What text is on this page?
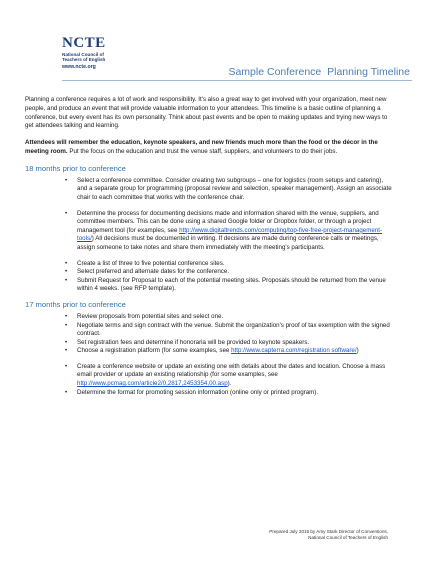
NCTE
National Council of
Teachers of English
www.ncte.org	Sample Conference  Planning Timeline

Planning a conference requires a lot of work and responsibility. It's also a great way to get involved with your organization, meet new people, and produce an event that will provide valuable information to your attendees. This timeline is a basic outline of planning a conference, but every event has its own personality. Think about past events and be open to making updates and trying new ways to get attendees talking and learning.

Attendees will remember the education, keynote speakers, and new friends much more than the food or the décor in the meeting room. Put the focus on the education and trust the venue staff, suppliers, and volunteers to do their jobs.

18 months prior to conference
• Select a conference committee. Consider creating two subgroups – one for logistics (room setups and catering), and a separate group for programming (proposal review and selection, speaker management). Assign an associate chair to each committee that works with the conference chair.
• Determine the process for documenting decisions made and information shared with the venue, suppliers, and committee members. This can be done using a shared Google folder or Dropbox folder, or through a project management tool (for examples, see http://www.digitaltrends.com/computing/top-five-free-project-management-tools/) All decisions must be documented in writing. If decisions are made during conference calls or meetings, assign someone to take notes and share them immediately with the meeting's participants.
• Create a list of three to five potential conference sites.
• Select preferred and alternate dates for the conference.
• Submit Request for Proposal to each of the potential meeting sites. Proposals should be returned from the venue within 4 weeks. (see RFP template).
17 months prior to conference
• Review proposals from potential sites and select one.
• Negotiate terms and sign contract with the venue. Submit the organization's proof of tax exemption with the signed contract.
• Set registration fees and determine if honoraria will be provided to keynote speakers.
• Choose a registration platform (for some examples, see http://www.capterra.com/registration software/)
• Create a conference website or update an existing one with details about the dates and location. Choose a mass email provider or update an existing relationship (for some examples, see http://www.pcmag.com/article2/0,2817,2453354,00.asp).
• Determine the format for promoting session information (online only or printed program).
Prepared July 2015 by Amy Stark Director of Conventions,
National Council of Teachers of English
